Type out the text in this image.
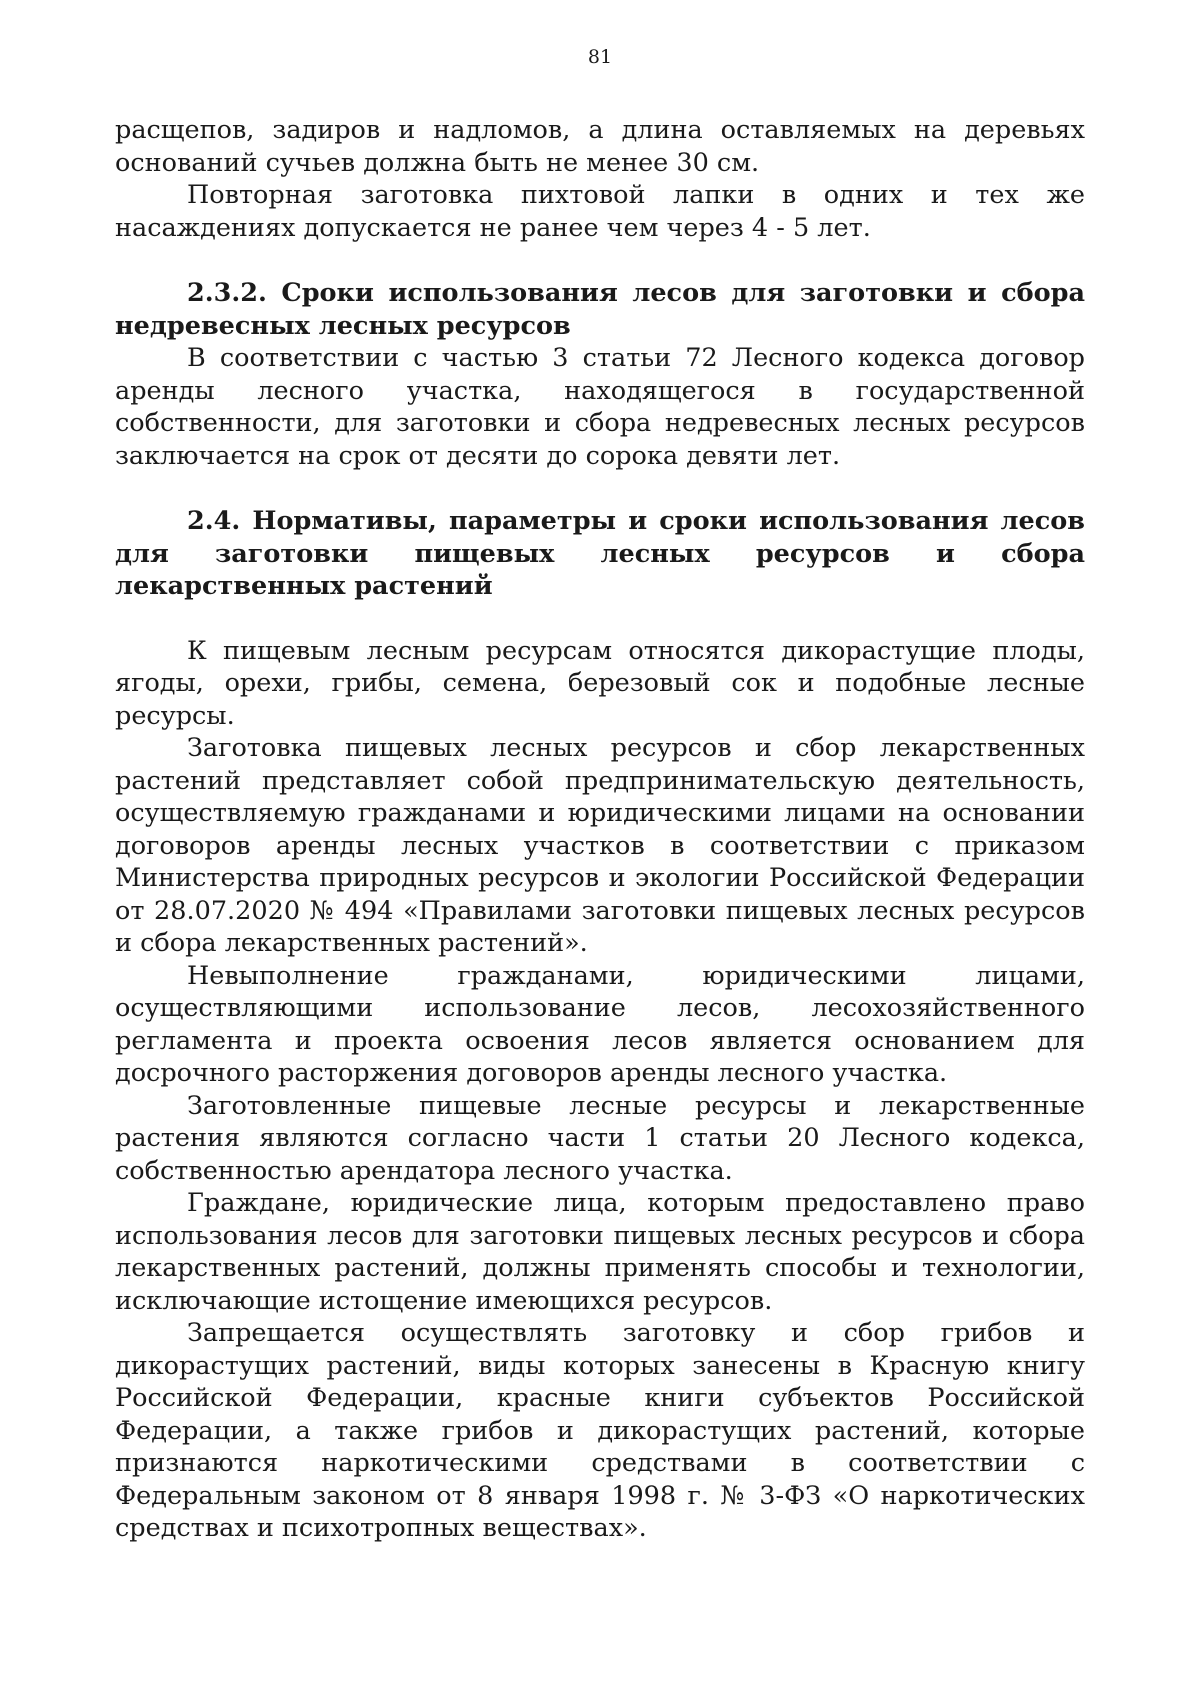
81

расщепов, задиров и надломов, а длина оставляемых на деревьях оснований сучьев должна быть не менее 30 см.

Повторная заготовка пихтовой лапки в одних и тех же насаждениях допускается не ранее чем через 4 - 5 лет.

2.3.2. Сроки использования лесов для заготовки и сбора недревесных лесных ресурсов

В соответствии с частью 3 статьи 72 Лесного кодекса договор аренды лесного участка, находящегося в государственной собственности, для заготовки и сбора недревесных лесных ресурсов заключается на срок от десяти до сорока девяти лет.

2.4. Нормативы, параметры и сроки использования лесов для заготовки пищевых лесных ресурсов и сбора лекарственных растений

К пищевым лесным ресурсам относятся дикорастущие плоды, ягоды, орехи, грибы, семена, березовый сок и подобные лесные ресурсы.

Заготовка пищевых лесных ресурсов и сбор лекарственных растений представляет собой предпринимательскую деятельность, осуществляемую гражданами и юридическими лицами на основании договоров аренды лесных участков в соответствии с приказом Министерства природных ресурсов и экологии Российской Федерации от 28.07.2020 № 494 «Правилами заготовки пищевых лесных ресурсов и сбора лекарственных растений».

Невыполнение гражданами, юридическими лицами, осуществляющими использование лесов, лесохозяйственного регламента и проекта освоения лесов является основанием для досрочного расторжения договоров аренды лесного участка.

Заготовленные пищевые лесные ресурсы и лекарственные растения являются согласно части 1 статьи 20 Лесного кодекса, собственностью арендатора лесного участка.

Граждане, юридические лица, которым предоставлено право использования лесов для заготовки пищевых лесных ресурсов и сбора лекарственных растений, должны применять способы и технологии, исключающие истощение имеющихся ресурсов.

Запрещается осуществлять заготовку и сбор грибов и дикорастущих растений, виды которых занесены в Красную книгу Российской Федерации, красные книги субъектов Российской Федерации, а также грибов и дикорастущих растений, которые признаются наркотическими средствами в соответствии с Федеральным законом от 8 января 1998 г. № 3-ФЗ «О наркотических средствах и психотропных веществах».
